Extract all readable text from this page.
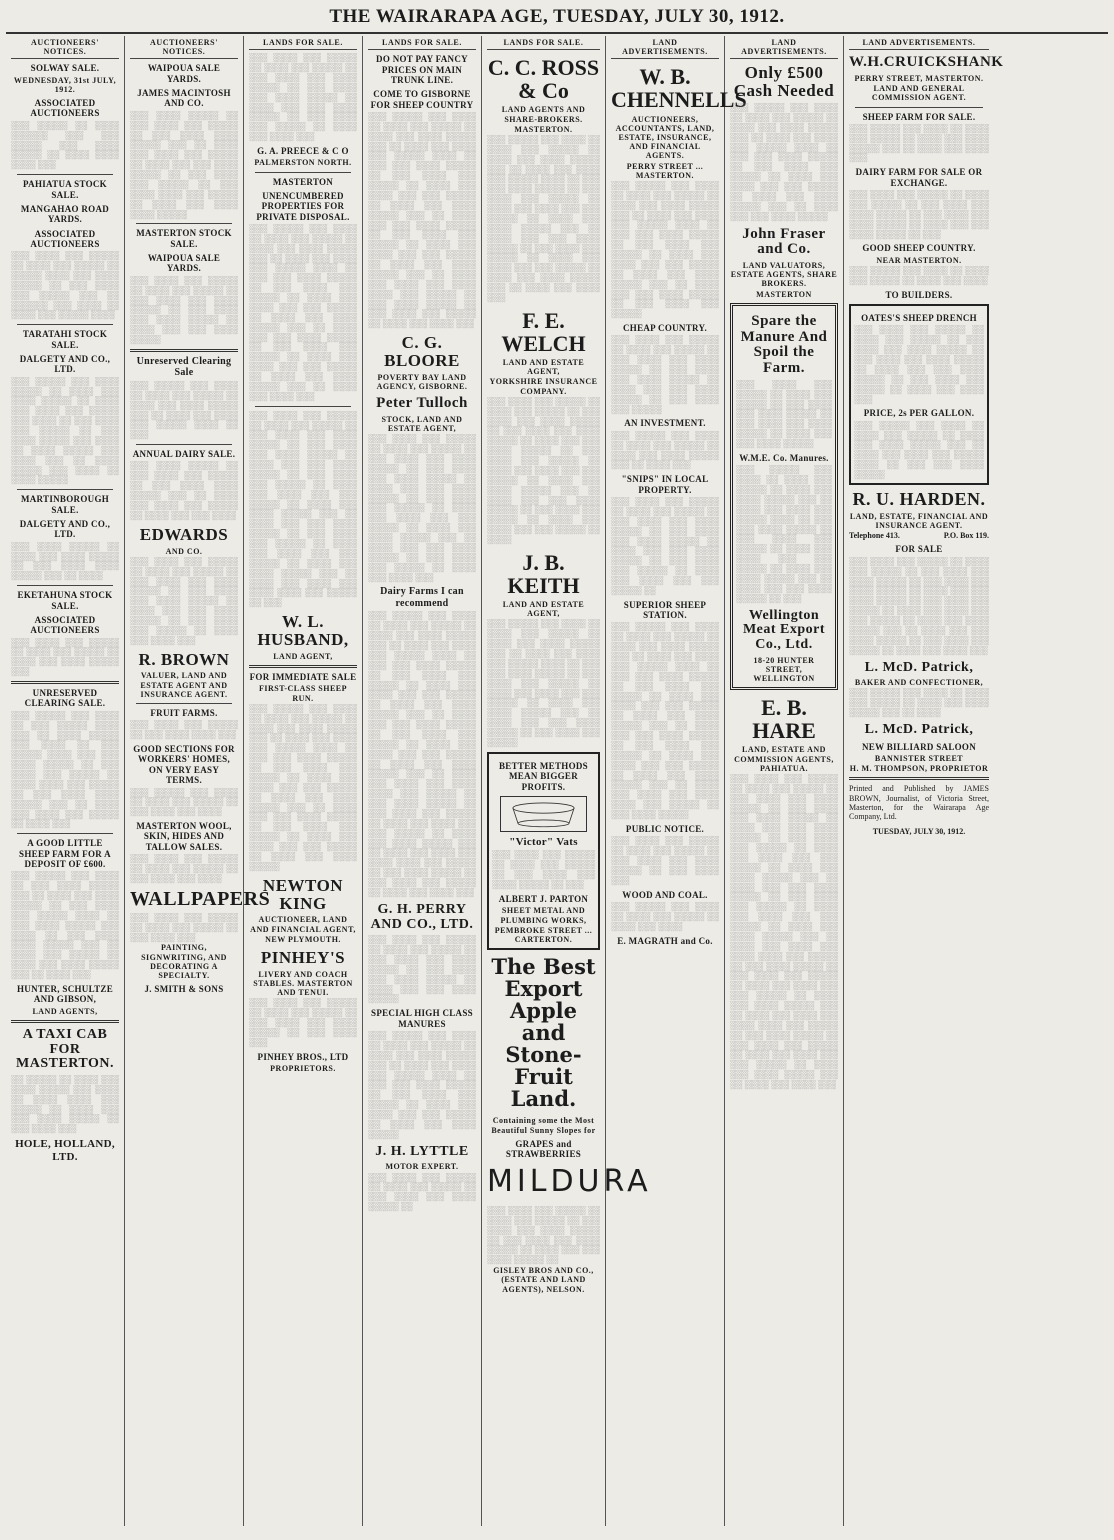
THE WAIRARAPA AGE, TUESDAY, JULY 30, 1912.
AUCTIONEERS' NOTICES.
SOLWAY SALE.
WEDNESDAY, 31st JULY, 1912.
ASSOCIATED AUCTIONEERS
░░░ ░░░░░ ░░ ░░░░ ░░░░░░ ░░░ ░░░ ░░░░░ ░░░ ░░░░ ░░░░░ ░░ ░░░░ ░░░░ ░░░░ ░░░
PAHIATUA STOCK SALE.
MANGAHAO ROAD YARDS.
ASSOCIATED AUCTIONEERS
░░░ ░░░░ ░░░ ░░░░░ ░░ ░░░░ ░░░ ░░░░░ ░░ ░░░░░ ░░░░ ░░░ ░░░░ ░░░░░ ░░ ░░░ ░░░░ ░░░ ░░░░░ ░░░ ░░ ░░░░░░ ░░░ ░░░░ ░░ ░░░░ ░░░ ░░░░░ ░░░░
TARATAHI STOCK SALE.
DALGETY AND CO., LTD.
░░░ ░░░░░ ░░░ ░░░░ ░░░░░ ░░ ░░░░ ░░░ ░░░░ ░░░░░ ░░ ░░░░ ░░░ ░░░░ ░░░ ░░░░░ ░░░ ░░░░ ░░ ░░░ ░░░░ ░░░ ░░░░░ ░░ ░░░ ░░░░ ░░░░░ ░░░ ░░░░ ░░ ░░░░ ░░░░░ ░░░ ░░░░ ░░░ ░░ ░░░░ ░░░░░ ░░░ ░░░░ ░░ ░░░░ ░░░░░
MARTINBOROUGH SALE.
DALGETY AND CO., LTD.
░░░ ░░░░ ░░░░░ ░░ ░░░░ ░░░ ░░░░ ░░░░░ ░░ ░░░ ░░░░ ░░░░ ░░░░░ ░░░ ░░ ░░░░
EKETAHUNA STOCK SALE.
ASSOCIATED AUCTIONEERS
░░░ ░░░░ ░░░ ░░░░░ ░░ ░░░░ ░░░ ░░░░░ ░░ ░░░░ ░░░ ░░░░ ░░░░░ ░░░
UNRESERVED CLEARING SALE.
░░░ ░░░░░ ░░░ ░░░░ ░░ ░░░ ░░░░░ ░░░░ ░░░ ░░ ░░░░ ░░░░░ ░░░ ░░░░ ░░ ░░░ ░░░░░ ░░░░ ░░░ ░░░ ░░░░ ░░░░░ ░░ ░░░ ░░░░ ░░░ ░░░░░ ░░ ░░░░ ░░░░ ░░░ ░░░░░ ░░ ░░░ ░░░░ ░░░░ ░░░░░ ░░░ ░░ ░░░░ ░░░ ░░░░ ░░░ ░░░░░ ░░ ░░░░ ░░░
A GOOD LITTLE SHEEP FARM FOR A DEPOSIT OF £600.
░░░ ░░░░░ ░░░ ░░░░ ░░ ░░░ ░░░░ ░░░░░ ░░░ ░░ ░░░░ ░░░ ░░░░ ░░░░░ ░░ ░░░ ░░░░ ░░░ ░░░░░ ░░░░ ░░ ░░░ ░░░░ ░░░░░ ░░░ ░░░░ ░░ ░░░ ░░░░ ░░░░ ░░░░░ ░░░ ░░ ░░░░ ░░░ ░░░░░ ░░ ░░░░ ░░░ ░░░░ ░░░░░ ░░░ ░░ ░░░░ ░░░
HUNTER, SCHULTZE AND GIBSON,
LAND AGENTS,
A TAXI CAB FOR MASTERTON.
░░ ░░░░░ ░░ ░░░░ ░░░ ░░░░ ░░░░░ ░░░ ░░░░ ░░ ░░░░ ░░░░ ░░░ ░░░░░ ░░ ░░░░ ░░░ ░░░ ░░░░ ░░░░░ ░░ ░░░ ░░░░ ░░░
HOLE, HOLLAND, LTD.
AUCTIONEERS' NOTICES.
WAIPOUA SALE YARDS.
JAMES MACINTOSH AND CO.
░░░ ░░░░ ░░░░░ ░░ ░░░ ░░░░ ░░░ ░░░░░ ░░ ░░░ ░░░░ ░░░░ ░░░░░ ░░░ ░░ ░░░░ ░░░ ░░░░ ░░░ ░░░░░ ░░ ░░░░ ░░░ ░░░ ░░░░ ░░░░░ ░░ ░░░ ░░░░ ░░░ ░░░░░ ░░ ░░░ ░░░░ ░░░░ ░░░ ░░░░░ ░░ ░░░░ ░░░ ░░░░ ░░░░ ░░░░░
MASTERTON STOCK SALE.
WAIPOUA SALE YARDS.
░░░ ░░░░ ░░░ ░░░░░ ░░ ░░░░ ░░░ ░░░░░ ░░ ░░░ ░░░░ ░░░ ░░░░ ░░░░░ ░░ ░░░ ░░░░ ░░░ ░░░░ ░░░░░ ░░ ░░░░ ░░░ ░░░ ░░░░ ░░░░░
Unreserved Clearing Sale
░░░ ░░░░░ ░░░ ░░░░ ░░ ░░░░ ░░░ ░░░░░ ░░ ░░░░ ░░░ ░░░░ ░░░░░ ░░░ ░░ ░░░░ ░░░ ░░░░ ░░░ ░░░░░ ░░░░ ░░ ░░░
ANNUAL DAIRY SALE.
░░░ ░░░░ ░░░░░ ░░ ░░░ ░░░░ ░░░ ░░░░░ ░░ ░░░ ░░░░ ░░░░ ░░░░░ ░░░ ░░ ░░░░ ░░░ ░░░░ ░░░ ░░░░░ ░░ ░░░░ ░░░ ░░░ ░░░░
EDWARDS
AND CO.
░░░ ░░░░ ░░░ ░░░░░ ░░ ░░░░ ░░░ ░░░░░ ░░ ░░░ ░░░░ ░░░ ░░░░ ░░░░░ ░░ ░░░ ░░░░ ░░░ ░░░░ ░░░░░ ░░ ░░░░ ░░░ ░░░ ░░░░ ░░░░░ ░░ ░░░ ░░░░ ░░░ ░░░░░ ░░ ░░░░ ░░░ ░░░░ ░░░
R. BROWN
VALUER, LAND AND ESTATE AGENT AND INSURANCE AGENT.
FRUIT FARMS.
░░░ ░░░░ ░░░ ░░░░░ ░░ ░░░ ░░░░ ░░░░ ░░░
GOOD SECTIONS FOR WORKERS' HOMES, ON VERY EASY TERMS.
░░░ ░░░░░ ░░░ ░░░░ ░░ ░░░░ ░░░ ░░░░░ ░░ ░░░ ░░░░ ░░░ ░░░░
MASTERTON WOOL, SKIN, HIDES AND TALLOW SALES.
░░░ ░░░░ ░░░ ░░░░░ ░░ ░░░░ ░░░ ░░░░░ ░░ ░░░ ░░░░ ░░░ ░░░░
WALLPAPERS
░░░ ░░░░ ░░░ ░░░░░ ░░ ░░░░ ░░░ ░░░░░ ░░ ░░░ ░░░░ ░░░
PAINTING, SIGNWRITING, AND DECORATING A SPECIALTY.
J. SMITH & SONS
LANDS FOR SALE.
░░░ ░░░░ ░░░ ░░░░░ ░░ ░░░░ ░░░ ░░░░░ ░░ ░░░ ░░░░ ░░░ ░░░░ ░░░░░ ░░ ░░░ ░░░░ ░░░ ░░░░ ░░░░░ ░░ ░░░░ ░░░ ░░░ ░░░░ ░░░░░ ░░ ░░░ ░░░░ ░░░ ░░░░░ ░░ ░░░░ ░░░ ░░░░ ░░░
G. A. PREECE & C O
PALMERSTON NORTH.
MASTERTON
UNENCUMBERED PROPERTIES FOR PRIVATE DISPOSAL.
░░░ ░░░░░ ░░░ ░░░░ ░░ ░░░░ ░░░ ░░░░░ ░░ ░░░░ ░░░ ░░░░ ░░░░░ ░░░ ░░ ░░░░ ░░░ ░░░░ ░░░ ░░░░░ ░░░░ ░░ ░░░ ░░░ ░░░░ ░░░░░ ░░ ░░░ ░░░░ ░░░ ░░░░░ ░░ ░░░░ ░░░ ░░░░ ░░░ ░░░ ░░░░░ ░░ ░░░░ ░░░ ░░░░ ░░░░░ ░░░ ░░ ░░░░ ░░░ ░░░ ░░░░ ░░░░░ ░░ ░░░ ░░░░ ░░░ ░░░░░ ░░ ░░░░ ░░░ ░░░░ ░░░ ░░░ ░░░░░ ░░ ░░░░ ░░░ ░░░░ ░░░░░ ░░░ ░░ ░░░░ ░░░ ░░░░ ░░░
░░░ ░░░░ ░░░ ░░░░░ ░░ ░░░░ ░░░ ░░░░░ ░░ ░░░ ░░░░ ░░░ ░░░░ ░░░░░ ░░ ░░░ ░░░░ ░░░ ░░░░ ░░░░░ ░░ ░░░░ ░░░ ░░░ ░░░░ ░░░░░ ░░ ░░░ ░░░░ ░░░ ░░░░░ ░░ ░░░░ ░░░ ░░░░ ░░░ ░░░ ░░░░░ ░░ ░░░░ ░░░ ░░░░ ░░░░░ ░░░ ░░ ░░░░ ░░░ ░░░ ░░░░ ░░░░░ ░░ ░░░ ░░░░ ░░░ ░░░░░ ░░ ░░░░ ░░░ ░░░░ ░░░ ░░░ ░░░░░ ░░ ░░░░ ░░░ ░░░░ ░░░░░ ░░░ ░░ ░░░░ ░░░ ░░░░ ░░░ ░░░░ ░░░░ ░░░ ░░░░░ ░░ ░░░
W. L. HUSBAND,
LAND AGENT,
FOR IMMEDIATE SALE
FIRST-CLASS SHEEP RUN.
░░░ ░░░░░ ░░░ ░░░░ ░░ ░░░░ ░░░ ░░░░░ ░░ ░░░░ ░░░ ░░░░ ░░░░░ ░░░ ░░ ░░░░ ░░░ ░░░░ ░░░ ░░░░░ ░░░░ ░░ ░░░ ░░░ ░░░░ ░░░░░ ░░ ░░░ ░░░░ ░░░ ░░░░░ ░░ ░░░░ ░░░ ░░░░ ░░░ ░░░ ░░░░░ ░░ ░░░░ ░░░ ░░░░ ░░░░░ ░░░ ░░ ░░░░ ░░░ ░░░ ░░░░ ░░░░░ ░░ ░░░ ░░░░ ░░░ ░░░░░ ░░ ░░░░ ░░░ ░░░░ ░░░ ░░░ ░░░░░ ░░ ░░░░ ░░░ ░░░░ ░░░░░
NEWTON KING
AUCTIONEER, LAND AND FINANCIAL AGENT,
NEW PLYMOUTH.
PINHEY'S
LIVERY AND COACH STABLES. MASTERTON AND TENUI.
░░░ ░░░░ ░░░ ░░░░░ ░░ ░░░░ ░░░ ░░░░░ ░░ ░░░ ░░░░ ░░░ ░░░░ ░░░░░ ░░ ░░░ ░░░░ ░░░
PINHEY BROS., LTD
PROPRIETORS.
LANDS FOR SALE.
DO NOT PAY FANCY PRICES ON MAIN TRUNK LINE.
COME TO GISBORNE FOR SHEEP COUNTRY
░░░ ░░░░░ ░░░ ░░░░ ░░ ░░░░ ░░░ ░░░░░ ░░ ░░░░ ░░░ ░░░░ ░░░░░ ░░░ ░░ ░░░░ ░░░ ░░░░ ░░░ ░░░░░ ░░░░ ░░ ░░░ ░░░ ░░░░ ░░░░░ ░░ ░░░ ░░░░ ░░░ ░░░░░ ░░ ░░░░ ░░░ ░░░░ ░░░ ░░░ ░░░░░ ░░ ░░░░ ░░░ ░░░░ ░░░░░ ░░░ ░░ ░░░░ ░░░ ░░░ ░░░░ ░░░░░ ░░ ░░░ ░░░░ ░░░ ░░░░░ ░░ ░░░░ ░░░ ░░░░ ░░░ ░░░ ░░░░░ ░░ ░░░░ ░░░ ░░░░ ░░░░░ ░░░ ░░ ░░░░ ░░░ ░░░░ ░░░ ░░░░ ░░░░ ░░░ ░░░░░ ░░ ░░░ ░░░░ ░░░░░ ░░ ░░░ ░░░░ ░░░ ░░░░░ ░░ ░░░░ ░░░ ░░░░ ░░░
C. G. BLOORE
POVERTY BAY LAND AGENCY, GISBORNE.
Peter Tulloch
STOCK, LAND AND ESTATE AGENT,
░░░ ░░░░ ░░░ ░░░░░ ░░ ░░░░ ░░░ ░░░░░ ░░ ░░░ ░░░░ ░░░ ░░░░ ░░░░░ ░░ ░░░ ░░░░ ░░░ ░░░░ ░░░░░ ░░ ░░░░ ░░░ ░░░ ░░░░ ░░░░░ ░░ ░░░ ░░░░ ░░░ ░░░░░ ░░ ░░░░ ░░░ ░░░░ ░░░ ░░░ ░░░░░ ░░ ░░░░ ░░░ ░░░░ ░░░░░ ░░░ ░░ ░░░░ ░░░ ░░░ ░░░░ ░░░░░ ░░ ░░░ ░░░░ ░░░ ░░░░░ ░░ ░░░░ ░░░ ░░░░ ░░░
Dairy Farms I can recommend
░░░ ░░░░░ ░░░ ░░░░ ░░ ░░░░ ░░░ ░░░░░ ░░ ░░░░ ░░░ ░░░░ ░░░░░ ░░░ ░░ ░░░░ ░░░ ░░░░ ░░░ ░░░░░ ░░░░ ░░ ░░░ ░░░ ░░░░ ░░░░░ ░░ ░░░ ░░░░ ░░░ ░░░░░ ░░ ░░░░ ░░░ ░░░░ ░░░ ░░░ ░░░░░ ░░ ░░░░ ░░░ ░░░░ ░░░░░ ░░░ ░░ ░░░░ ░░░ ░░░ ░░░░ ░░░░░ ░░ ░░░ ░░░░ ░░░ ░░░░░ ░░ ░░░░ ░░░ ░░░░ ░░░ ░░░ ░░░░░ ░░ ░░░░ ░░░ ░░░░ ░░░░░ ░░░ ░░ ░░░░ ░░░ ░░░░ ░░░ ░░░░ ░░░░ ░░░ ░░░░░ ░░ ░░░ ░░░░ ░░░░░ ░░ ░░░ ░░░░ ░░░ ░░░░░ ░░ ░░░░ ░░░ ░░░░ ░░░ ░░░ ░░░░░ ░░ ░░░░ ░░░ ░░░░ ░░░░░ ░░░ ░░ ░░░░ ░░░ ░░░░ ░░░ ░░░░ ░░░░ ░░░ ░░░░░ ░░ ░░░ ░░░░ ░░░░░ ░░ ░░░ ░░░░ ░░░ ░░░░░ ░░ ░░░░ ░░░ ░░░░ ░░░
G. H. PERRY AND CO., LTD.
░░░ ░░░░ ░░░ ░░░░░ ░░ ░░░░ ░░░ ░░░░░ ░░ ░░░ ░░░░ ░░░ ░░░░ ░░░░░ ░░ ░░░ ░░░░ ░░░ ░░░░ ░░░░░ ░░ ░░░░ ░░░ ░░░ ░░░░ ░░░░░
SPECIAL HIGH CLASS MANURES
░░░ ░░░░░ ░░░ ░░░░ ░░ ░░░░ ░░░ ░░░░░ ░░ ░░░░ ░░░ ░░░░ ░░░░░ ░░░ ░░ ░░░░ ░░░ ░░░░ ░░░ ░░░░░ ░░░░ ░░ ░░░ ░░░ ░░░░ ░░░░░ ░░ ░░░ ░░░░ ░░░ ░░░░░ ░░ ░░░░ ░░░ ░░░░ ░░░ ░░░ ░░░░░ ░░ ░░░░ ░░░ ░░░░ ░░░░░
J. H. LYTTLE
MOTOR EXPERT.
░░░ ░░░░ ░░░ ░░░░░ ░░ ░░░░ ░░░ ░░░░░ ░░ ░░░ ░░░░ ░░░ ░░░░ ░░░░░ ░░
LANDS FOR SALE.
C. C. ROSS & Co
LAND AGENTS AND SHARE-BROKERS.
MASTERTON.
░░░ ░░░░░ ░░░ ░░░░ ░░ ░░░░ ░░░ ░░░░░ ░░ ░░░░ ░░░ ░░░░ ░░░░░ ░░░ ░░ ░░░░ ░░░ ░░░░ ░░░ ░░░░░ ░░░░ ░░ ░░░ ░░░ ░░░░ ░░░░░ ░░ ░░░ ░░░░ ░░░ ░░░░░ ░░ ░░░░ ░░░ ░░░░ ░░░ ░░░ ░░░░░ ░░ ░░░░ ░░░ ░░░░ ░░░░░ ░░░ ░░ ░░░░ ░░░ ░░░ ░░░░ ░░░░░ ░░ ░░░ ░░░░ ░░░ ░░░░░ ░░ ░░░░ ░░░ ░░░░ ░░░ ░░░ ░░░░░ ░░ ░░░░ ░░░ ░░░░ ░░░░░ ░░░ ░░ ░░░░ ░░░ ░░░░ ░░░
F. E. WELCH
LAND AND ESTATE AGENT,
YORKSHIRE INSURANCE COMPANY.
░░░ ░░░░ ░░░ ░░░░░ ░░ ░░░░ ░░░ ░░░░░ ░░ ░░░ ░░░░ ░░░ ░░░░ ░░░░░ ░░ ░░░ ░░░░ ░░░ ░░░░ ░░░░░ ░░ ░░░░ ░░░ ░░░ ░░░░ ░░░░░ ░░ ░░░ ░░░░ ░░░ ░░░░░ ░░ ░░░░ ░░░ ░░░░ ░░░ ░░░ ░░░░░ ░░ ░░░░ ░░░ ░░░░ ░░░░░ ░░░ ░░ ░░░░ ░░░ ░░░ ░░░░ ░░░░░ ░░ ░░░ ░░░░ ░░░ ░░░░░ ░░ ░░░░ ░░░ ░░░░ ░░░ ░░░ ░░░░░ ░░ ░░░░
J. B. KEITH
LAND AND ESTATE AGENT,
░░░ ░░░░░ ░░░ ░░░░ ░░ ░░░░ ░░░ ░░░░░ ░░ ░░░░ ░░░ ░░░░ ░░░░░ ░░░ ░░ ░░░░ ░░░ ░░░░ ░░░ ░░░░░ ░░░░ ░░ ░░░ ░░░ ░░░░ ░░░░░ ░░ ░░░ ░░░░ ░░░ ░░░░░ ░░ ░░░░ ░░░ ░░░░ ░░░ ░░░ ░░░░░ ░░ ░░░░ ░░░ ░░░░ ░░░░░ ░░░ ░░ ░░░░ ░░░ ░░░ ░░░░ ░░░░░ ░░ ░░░ ░░░░ ░░░ ░░░░░
BETTER METHODS MEAN BIGGER PROFITS.
"Victor" Vats
░░░ ░░░░ ░░░ ░░░░░ ░░ ░░░░ ░░░ ░░░░░ ░░ ░░░ ░░░░ ░░░ ░░░░ ░░░░░ ░░ ░░░
ALBERT J. PARTON
SHEET METAL AND PLUMBING WORKS,
PEMBROKE STREET ... CARTERTON.
The Best Export Apple and Stone-Fruit Land.
Containing some the Most Beautiful Sunny Slopes for
GRAPES and STRAWBERRIES
MILDURA
░░░ ░░░░ ░░░ ░░░░░ ░░ ░░░░ ░░░ ░░░░░ ░░ ░░░ ░░░░ ░░░ ░░░░ ░░░░░ ░░ ░░░ ░░░░ ░░░ ░░░░ ░░░░░ ░░ ░░░░ ░░░ ░░░ ░░░░ ░░░░░ ░░
GISLEY BROS AND CO., (ESTATE AND LAND AGENTS), NELSON.
LAND ADVERTISEMENTS.
W. B. CHENNELLS
AUCTIONEERS, ACCOUNTANTS, LAND, ESTATE, INSURANCE, AND FINANCIAL AGENTS.
PERRY STREET ... MASTERTON.
░░░ ░░░░░ ░░░ ░░░░ ░░ ░░░░ ░░░ ░░░░░ ░░ ░░░░ ░░░ ░░░░ ░░░░░ ░░░ ░░ ░░░░ ░░░ ░░░░ ░░░ ░░░░░ ░░░░ ░░ ░░░ ░░░ ░░░░ ░░░░░ ░░ ░░░ ░░░░ ░░░ ░░░░░ ░░ ░░░░ ░░░ ░░░░ ░░░ ░░░ ░░░░░ ░░ ░░░░ ░░░ ░░░░ ░░░░░ ░░░ ░░ ░░░░ ░░░ ░░░ ░░░░ ░░░░░ ░░ ░░░ ░░░░ ░░░ ░░░░░
CHEAP COUNTRY.
░░░ ░░░░ ░░░ ░░░░░ ░░ ░░░░ ░░░ ░░░░░ ░░ ░░░ ░░░░ ░░░ ░░░░ ░░░░░ ░░ ░░░ ░░░░ ░░░ ░░░░ ░░░░░ ░░ ░░░░ ░░░ ░░░ ░░░░ ░░░░░ ░░ ░░░ ░░░░ ░░░ ░░░░░
AN INVESTMENT.
░░░ ░░░░░ ░░░ ░░░░ ░░ ░░░░ ░░░ ░░░░░ ░░ ░░░░ ░░░ ░░░░ ░░░░░ ░░░ ░░ ░░░░ ░░░
"SNIPS" IN LOCAL PROPERTY.
░░░ ░░░░ ░░░ ░░░░░ ░░ ░░░░ ░░░ ░░░░░ ░░ ░░░ ░░░░ ░░░ ░░░░ ░░░░░ ░░ ░░░ ░░░░ ░░░ ░░░░ ░░░░░ ░░ ░░░░ ░░░ ░░░ ░░░░ ░░░░░ ░░ ░░░ ░░░░ ░░░ ░░░░░ ░░ ░░░░ ░░░ ░░░░ ░░░ ░░░ ░░░░░ ░░
SUPERIOR SHEEP STATION.
░░░ ░░░░░ ░░░ ░░░░ ░░ ░░░░ ░░░ ░░░░░ ░░ ░░░░ ░░░ ░░░░ ░░░░░ ░░░ ░░ ░░░░ ░░░ ░░░░ ░░░ ░░░░░ ░░░░ ░░ ░░░ ░░░ ░░░░ ░░░░░ ░░ ░░░ ░░░░ ░░░ ░░░░░ ░░ ░░░░ ░░░ ░░░░ ░░░ ░░░ ░░░░░ ░░ ░░░░ ░░░ ░░░░ ░░░░░ ░░░ ░░ ░░░░ ░░░ ░░░ ░░░░ ░░░░░ ░░ ░░░ ░░░░ ░░░ ░░░░░ ░░ ░░░░ ░░░ ░░░░ ░░░ ░░░ ░░░░░ ░░ ░░░░ ░░░ ░░░░ ░░░░░ ░░░ ░░ ░░░░ ░░░ ░░░░ ░░░ ░░░░ ░░░░ ░░░ ░░░░░ ░░ ░░░ ░░░░ ░░░░░
PUBLIC NOTICE.
░░░ ░░░░ ░░░ ░░░░░ ░░ ░░░░ ░░░ ░░░░░ ░░ ░░░ ░░░░ ░░░ ░░░░ ░░░░░ ░░ ░░░ ░░░░ ░░░
WOOD AND COAL.
░░░ ░░░░░ ░░░ ░░░░ ░░ ░░░░ ░░░ ░░░░░ ░░ ░░░░ ░░░ ░░░░
E. MAGRATH and Co.
LAND ADVERTISEMENTS.
Only £500 Cash Needed
░░░ ░░░░░ ░░░ ░░░░ ░░ ░░░░ ░░░ ░░░░░ ░░ ░░░░ ░░░ ░░░░ ░░░░░ ░░░ ░░ ░░░░ ░░░ ░░░░ ░░░ ░░░░░ ░░░░ ░░ ░░░ ░░░ ░░░░ ░░░░░ ░░ ░░░ ░░░░ ░░░ ░░░░░ ░░ ░░░░ ░░░ ░░░░ ░░░ ░░░ ░░░░░ ░░ ░░░░ ░░░ ░░░░ ░░░░░ ░░░ ░░ ░░░░ ░░░ ░░░ ░░░░ ░░░░░
John Fraser and Co.
LAND VALUATORS, ESTATE AGENTS, SHARE BROKERS.
MASTERTON
Spare the Manure And Spoil the Farm.
░░░ ░░░░ ░░░ ░░░░░ ░░ ░░░░ ░░░ ░░░░░ ░░ ░░░ ░░░░ ░░░ ░░░░ ░░░░░ ░░ ░░░ ░░░░ ░░░ ░░░░ ░░░░░ ░░ ░░░░ ░░░ ░░░ ░░░░ ░░░░░
W.M.E. Co. Manures.
░░░ ░░░░░ ░░░ ░░░░ ░░ ░░░░ ░░░ ░░░░░ ░░ ░░░░ ░░░ ░░░░ ░░░░░ ░░░ ░░ ░░░░ ░░░ ░░░░ ░░░ ░░░░░ ░░░░ ░░ ░░░ ░░░ ░░░░ ░░░░░ ░░ ░░░ ░░░░ ░░░ ░░░░░ ░░ ░░░░ ░░░ ░░░░ ░░░ ░░░ ░░░░░ ░░ ░░░░ ░░░ ░░░░ ░░░░░ ░░░ ░░ ░░░░ ░░░ ░░░ ░░░░ ░░░░░ ░░ ░░░
Wellington Meat Export Co., Ltd.
18-20 HUNTER STREET, WELLINGTON
E. B. HARE
LAND, ESTATE AND COMMISSION AGENTS, PAHIATUA.
░░░ ░░░░ ░░░ ░░░░░ ░░ ░░░░ ░░░ ░░░░░ ░░ ░░░ ░░░░ ░░░ ░░░░ ░░░░░ ░░ ░░░ ░░░░ ░░░ ░░░░ ░░░░░ ░░ ░░░░ ░░░ ░░░ ░░░░ ░░░░░ ░░ ░░░ ░░░░ ░░░ ░░░░░ ░░ ░░░░ ░░░ ░░░░ ░░░ ░░░ ░░░░░ ░░ ░░░░ ░░░ ░░░░ ░░░░░ ░░░ ░░ ░░░░ ░░░ ░░░ ░░░░ ░░░░░ ░░ ░░░ ░░░░ ░░░ ░░░░░ ░░ ░░░░ ░░░ ░░░░ ░░░ ░░░ ░░░░░ ░░ ░░░░ ░░░ ░░░░ ░░░░░ ░░░ ░░ ░░░░ ░░░ ░░░░ ░░░ ░░░░ ░░░░ ░░░ ░░░░░ ░░ ░░░ ░░░░ ░░░░░ ░░ ░░░ ░░░░ ░░░ ░░░░░ ░░ ░░░░ ░░░ ░░░░ ░░░ ░░░ ░░░░░ ░░ ░░░░ ░░░ ░░░░ ░░░░░ ░░░ ░░ ░░░░ ░░░ ░░░░ ░░░ ░░░░ ░░░░ ░░░ ░░░░░ ░░ ░░░ ░░░░ ░░░░░ ░░ ░░░ ░░░░ ░░░ ░░░░░ ░░ ░░░░ ░░░ ░░░░ ░░░ ░░░ ░░░░░ ░░ ░░░░ ░░░ ░░░░ ░░░░░ ░░░ ░░ ░░░░ ░░░ ░░░░ ░░░
LAND ADVERTISEMENTS.
W.H.CRUICKSHANK
PERRY STREET, MASTERTON.
LAND AND GENERAL COMMISSION AGENT.
SHEEP FARM FOR SALE.
░░░ ░░░░░ ░░░ ░░░░ ░░ ░░░░ ░░░ ░░░░░ ░░ ░░░░ ░░░ ░░░░ ░░░░░ ░░░ ░░ ░░░░ ░░░ ░░░░ ░░░
DAIRY FARM FOR SALE OR EXCHANGE.
░░░ ░░░░ ░░░ ░░░░░ ░░ ░░░░ ░░░ ░░░░░ ░░ ░░░ ░░░░ ░░░ ░░░░ ░░░░░ ░░ ░░░ ░░░░ ░░░ ░░░░ ░░░░░ ░░ ░░░░ ░░░ ░░░ ░░░░ ░░░░░ ░░ ░░░
GOOD SHEEP COUNTRY.
NEAR MASTERTON.
░░░ ░░░░░ ░░░ ░░░░ ░░ ░░░░ ░░░ ░░░░░ ░░ ░░░░ ░░░ ░░░░
TO BUILDERS.
OATES'S SHEEP DRENCH
░░░ ░░░░ ░░░ ░░░░░ ░░ ░░░░ ░░░ ░░░░░ ░░ ░░░ ░░░░ ░░░ ░░░░ ░░░░░ ░░ ░░░ ░░░░ ░░░ ░░░░ ░░░░░ ░░ ░░░░ ░░░ ░░░ ░░░░ ░░░░░ ░░ ░░░ ░░░░ ░░░ ░░░░░ ░░ ░░░░ ░░░ ░░░░ ░░░
PRICE, 2s PER GALLON.
░░░ ░░░░░ ░░░ ░░░░ ░░ ░░░░ ░░░ ░░░░░ ░░ ░░░░ ░░░ ░░░░ ░░░░░ ░░░ ░░ ░░░░ ░░░ ░░░░ ░░░ ░░░░░ ░░░░ ░░ ░░░ ░░░ ░░░░ ░░░░░
R. U. HARDEN.
LAND, ESTATE, FINANCIAL AND INSURANCE AGENT.
Telephone 413.	P.O. Box 119.
FOR SALE
░░░ ░░░░ ░░░ ░░░░░ ░░ ░░░░ ░░░ ░░░░░ ░░ ░░░ ░░░░ ░░░ ░░░░ ░░░░░ ░░ ░░░ ░░░░ ░░░ ░░░░ ░░░░░ ░░ ░░░░ ░░░ ░░░ ░░░░ ░░░░░ ░░ ░░░ ░░░░ ░░░ ░░░░░ ░░ ░░░░ ░░░ ░░░░ ░░░ ░░░ ░░░░░ ░░ ░░░░ ░░░ ░░░░ ░░░░░ ░░░ ░░ ░░░░ ░░░ ░░░ ░░░░ ░░░░░ ░░ ░░░ ░░░░ ░░░ ░░░░░ ░░ ░░░░ ░░░ ░░░░ ░░░
L. McD. Patrick,
BAKER AND CONFECTIONER,
░░░ ░░░░░ ░░░ ░░░░ ░░ ░░░░ ░░░ ░░░░░ ░░ ░░░░ ░░░ ░░░░ ░░░░░ ░░░ ░░ ░░░░
L. McD. Patrick,
NEW BILLIARD SALOON
BANNISTER STREET
H. M. THOMPSON, PROPRIETOR
Printed and Published by JAMES BROWN, Journalist, of Victoria Street, Masterton, for the Wairarapa Age Company, Ltd.
TUESDAY, JULY 30, 1912.
